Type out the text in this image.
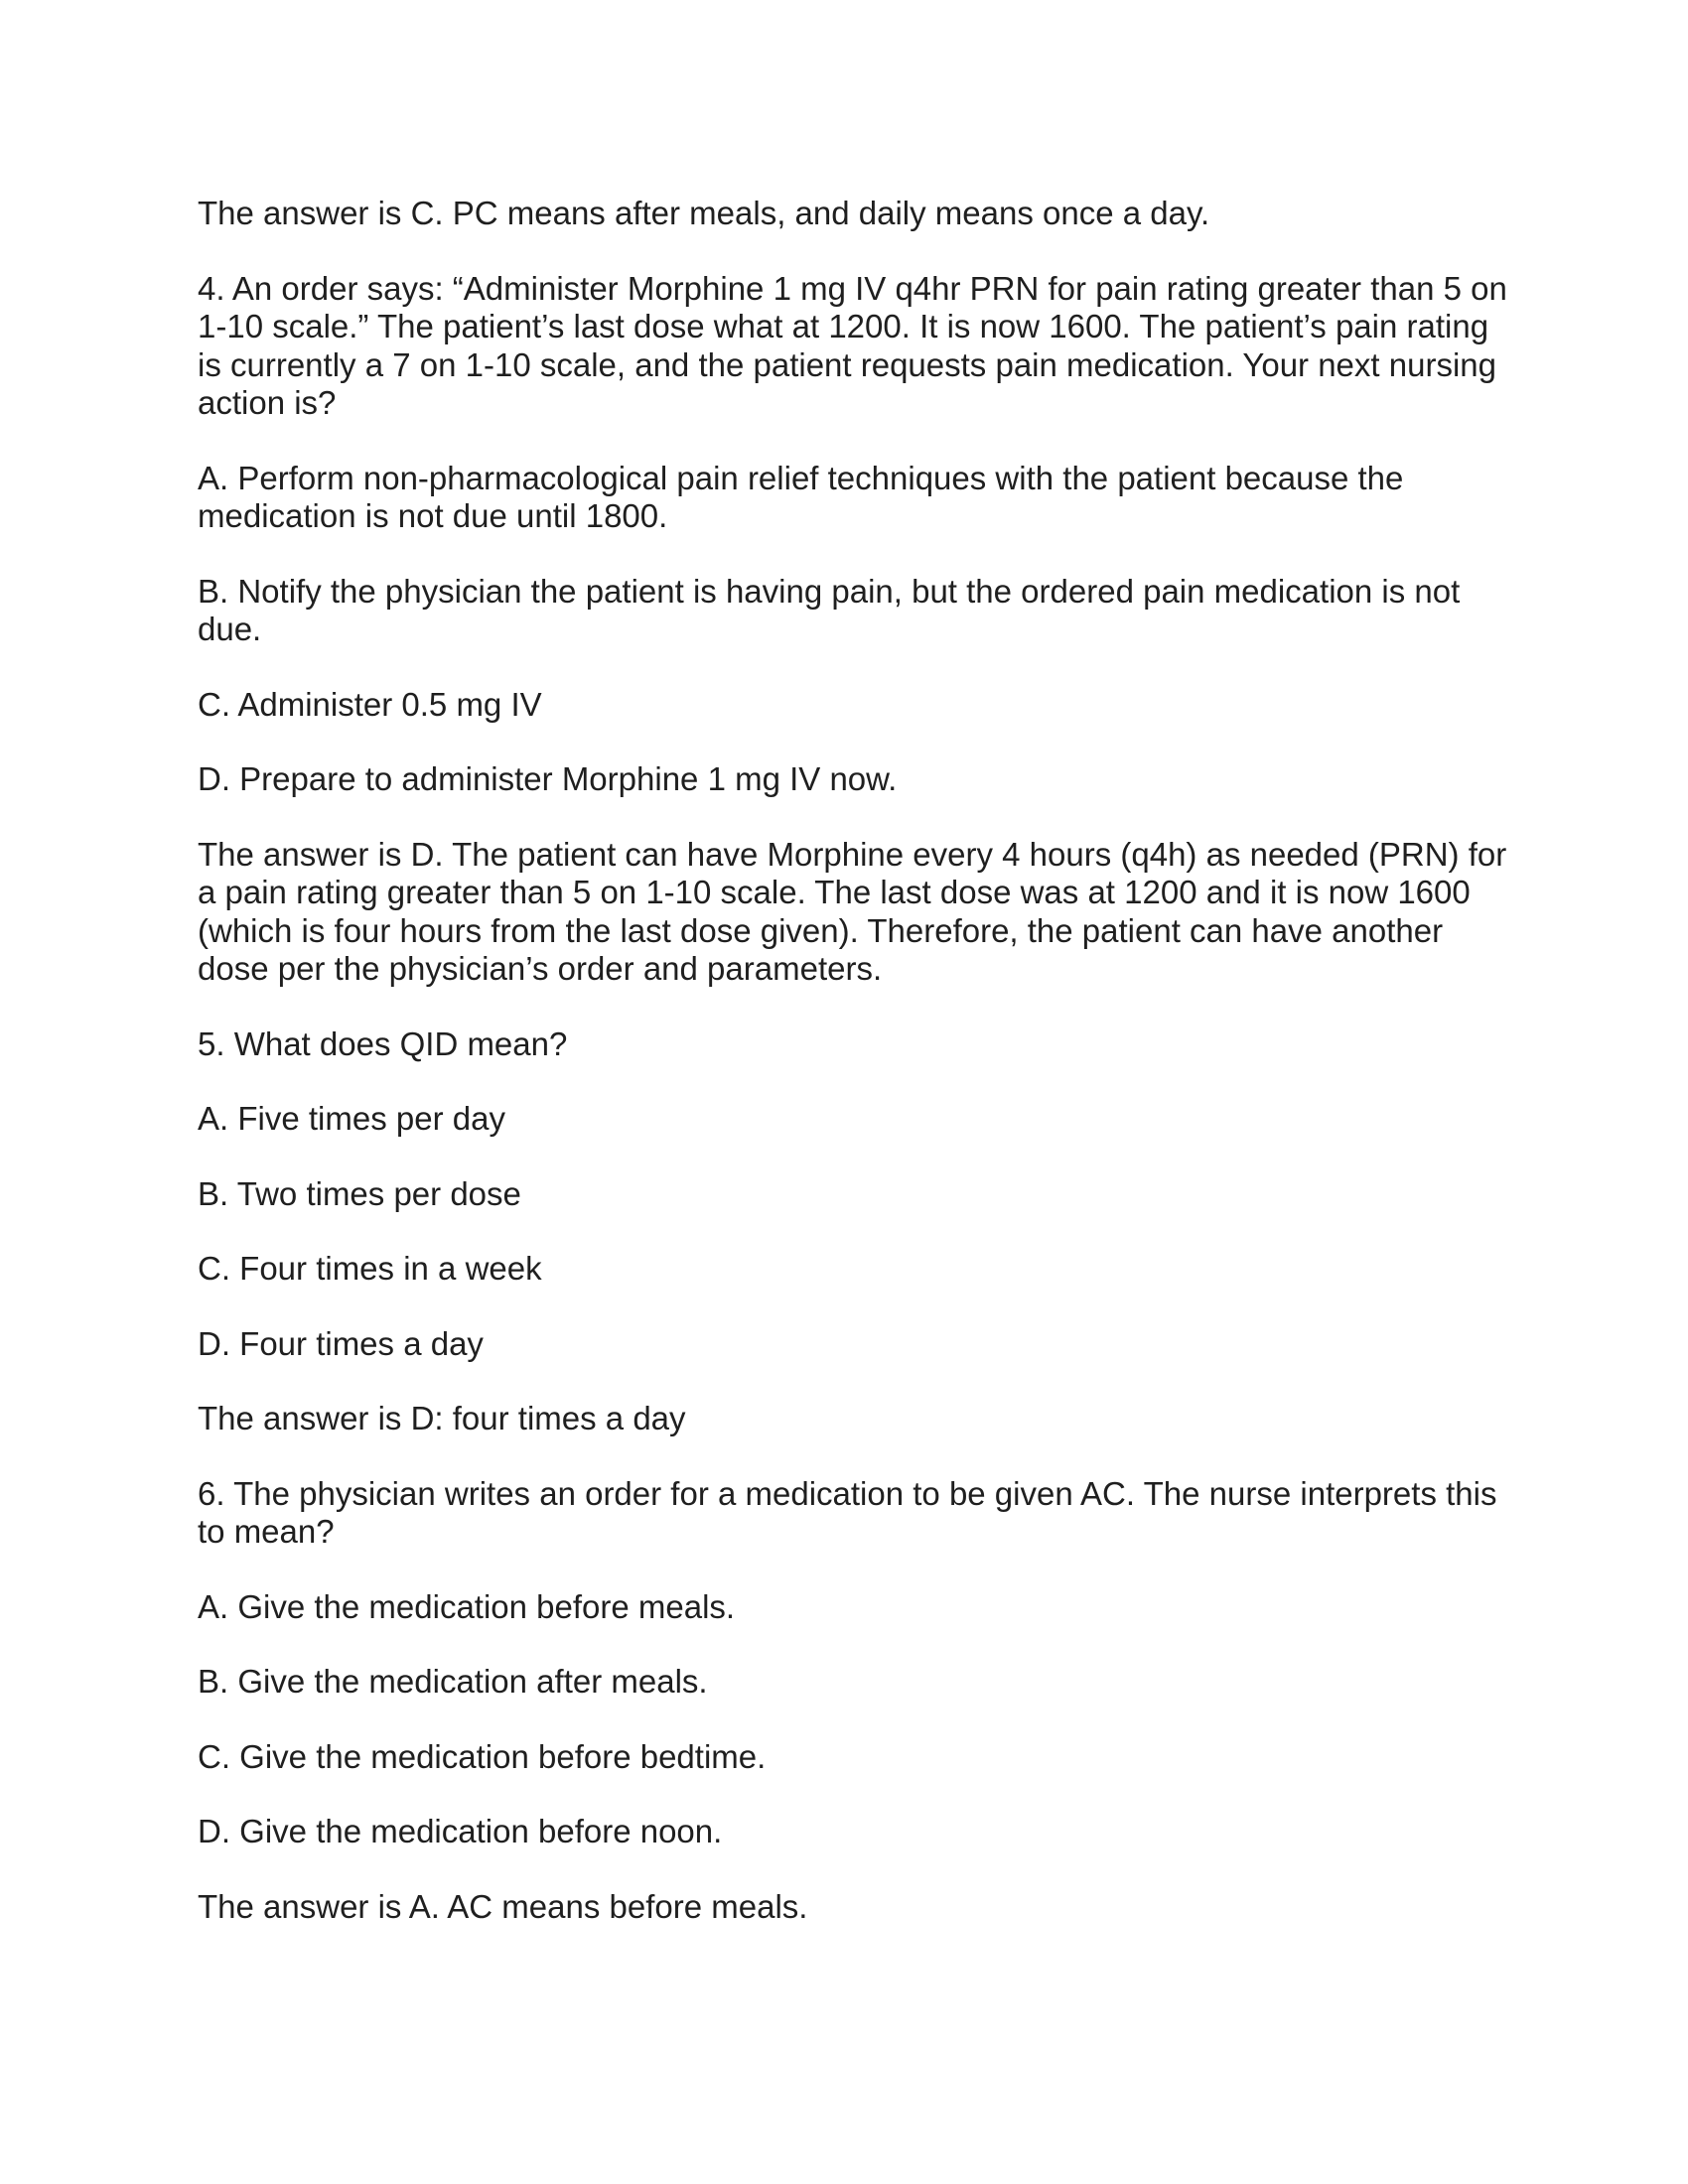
The answer is C. PC means after meals, and daily means once a day.

4. An order says: “Administer Morphine 1 mg IV q4hr PRN for pain rating greater than 5 on 1-10 scale.” The patient’s last dose what at 1200. It is now 1600. The patient’s pain rating is currently a 7 on 1-10 scale, and the patient requests pain medication. Your next nursing action is?

A. Perform non-pharmacological pain relief techniques with the patient because the medication is not due until 1800.

B. Notify the physician the patient is having pain, but the ordered pain medication is not due.

C. Administer 0.5 mg IV

D. Prepare to administer Morphine 1 mg IV now.

The answer is D. The patient can have Morphine every 4 hours (q4h) as needed (PRN) for a pain rating greater than 5 on 1-10 scale. The last dose was at 1200 and it is now 1600 (which is four hours from the last dose given). Therefore, the patient can have another dose per the physician’s order and parameters.

5. What does QID mean?

A. Five times per day

B. Two times per dose

C. Four times in a week

D. Four times a day

The answer is D: four times a day

6. The physician writes an order for a medication to be given AC. The nurse interprets this to mean?

A. Give the medication before meals.

B. Give the medication after meals.

C. Give the medication before bedtime.

D. Give the medication before noon.

The answer is A. AC means before meals.
